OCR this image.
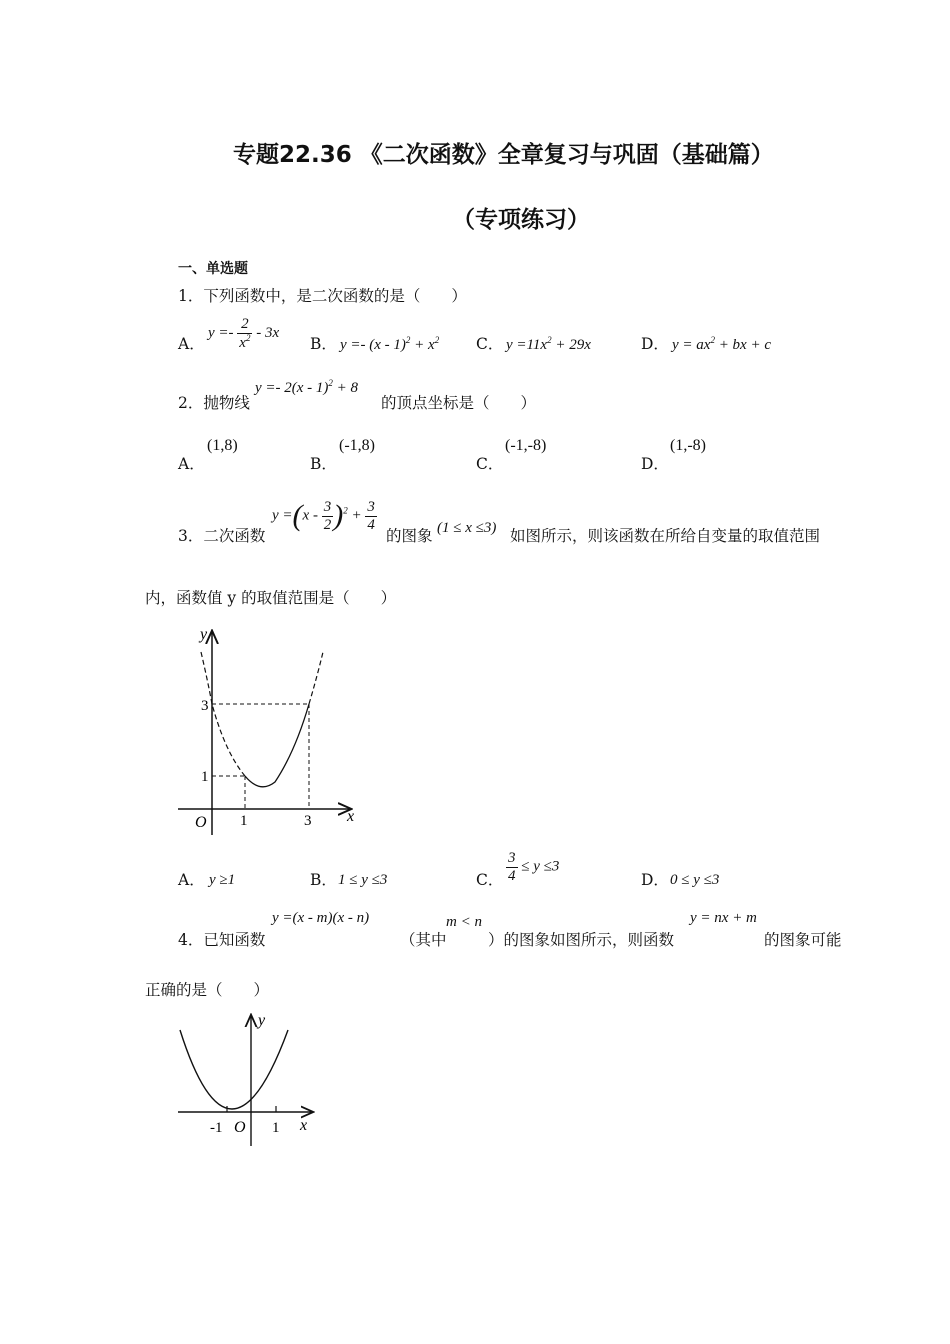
专题22.36 《二次函数》全章复习与巩固（基础篇）
（专项练习）
一、单选题
1．下列函数中，是二次函数的是（　　）
A．
$y =- \frac{2}{x^2} - 3x$
B． $y =- (x - 1)^2 + x^2$ C． $y =11x^2 + 29x$	D． $y = ax^2$ + bx + c
2．抛物线
y =- 2(x - 1)$^2$ + 8
的顶点坐标是（　　）
A．
(1,8)
B．
(-1,8)
C．
(-1,-8)
D．
(1,-8)
3．二次函数
$y =(x - \frac{3}{2} )^2 + \frac{3}{4}$
的图象 (1 ≤ x ≤3) 如图所示，则该函数在所给自变量的取值范围
内，函数值 y 的取值范围是（　　）
y
x
O 1	3
1
3
A． y ≥1	B． 1 ≤ y ≤3	C． $\frac{3}{4} \le y \le 3$
D． 0 ≤ y ≤3
4．已知函数
y =(x - m)(x - n)
（其中
m < n
）的图象如图所示，则函数
y = nx + m
的图象可能
正确的是（　　）
y
x
-1 O 1
